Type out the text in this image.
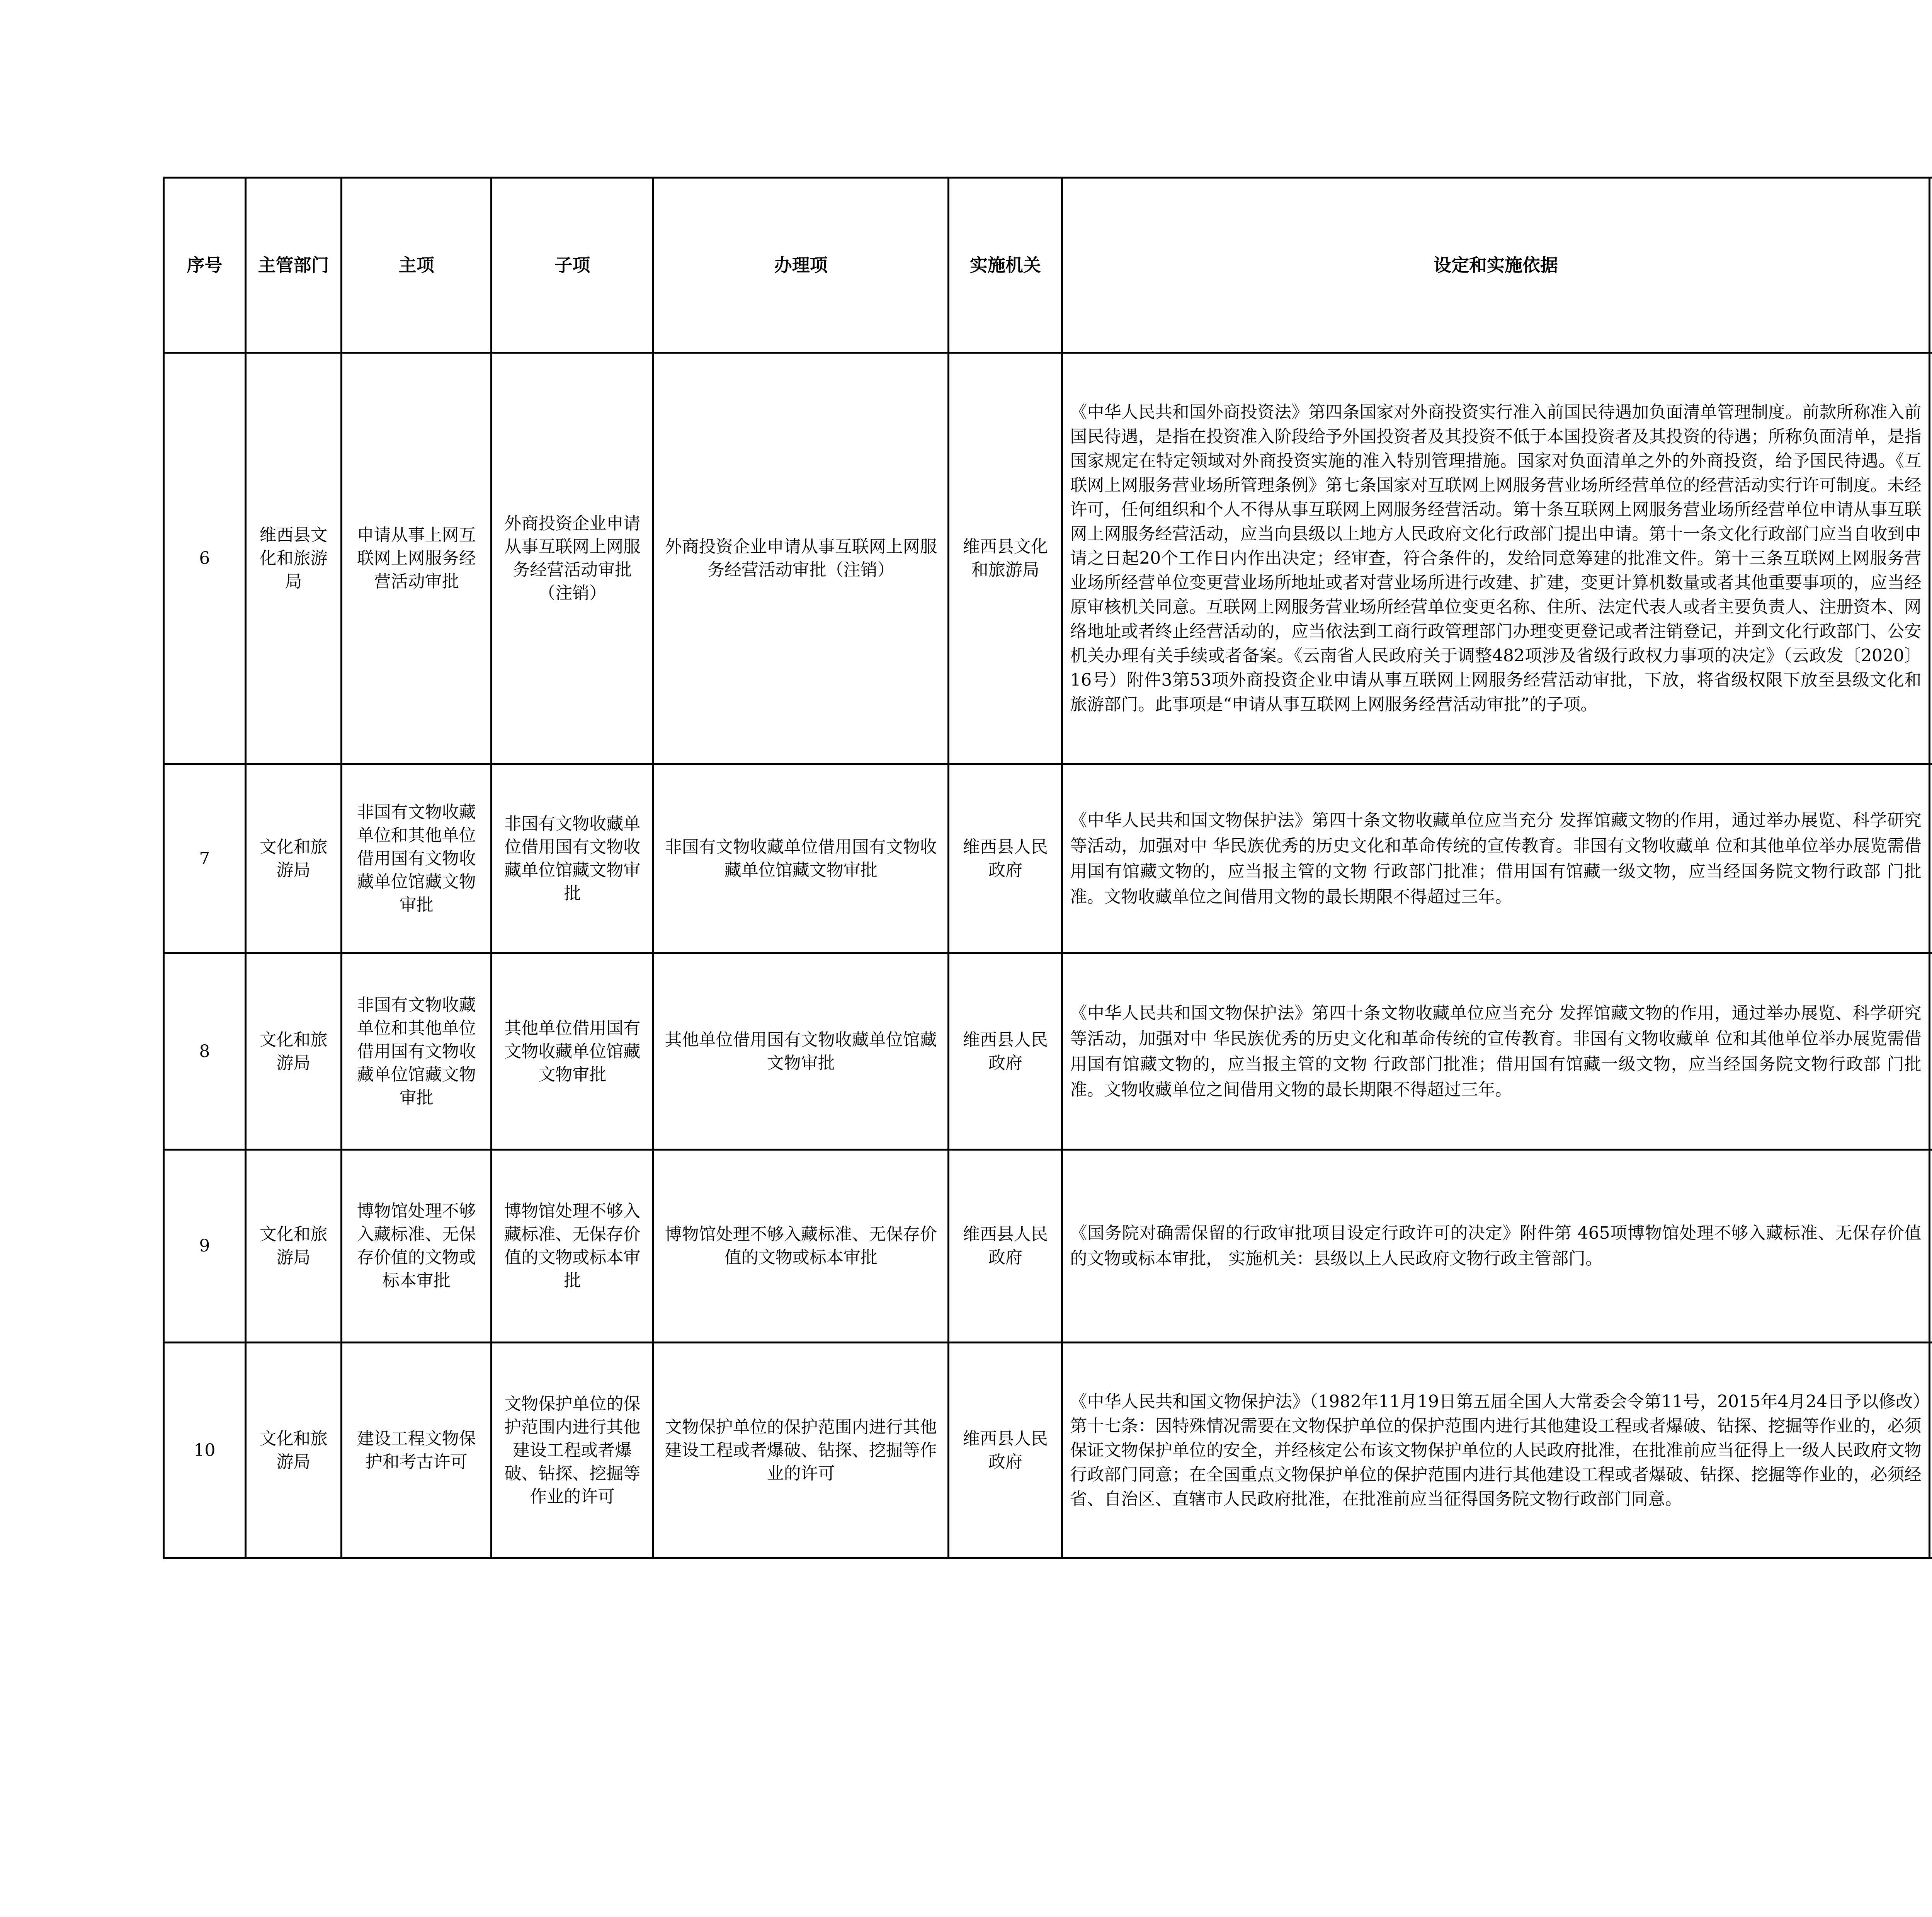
序号	主管部门	主项	子项	办理项	实施机关	设定和实施依据

6	维西县文化和旅游局	申请从事上网互联网上网服务经营活动审批	外商投资企业申请从事互联网上网服务经营活动审批（注销）	外商投资企业申请从事互联网上网服务经营活动审批（注销）	维西县文化和旅游局	《中华人民共和国外商投资法》第四条国家对外商投资实行准入前国民待遇加负面清单管理制度。前款所称准入前国民待遇，是指在投资准入阶段给予外国投资者及其投资不低于本国投资者及其投资的待遇；所称负面清单，是指国家规定在特定领域对外商投资实施的准入特别管理措施。国家对负面清单之外的外商投资，给予国民待遇。《互联网上网服务营业场所管理条例》第七条国家对互联网上网服务营业场所经营单位的经营活动实行许可制度。未经许可，任何组织和个人不得从事互联网上网服务经营活动。第十条互联网上网服务营业场所经营单位申请从事互联网上网服务经营活动，应当向县级以上地方人民政府文化行政部门提出申请。第十一条文化行政部门应当自收到申请之日起20个工作日内作出决定；经审查，符合条件的，发给同意筹建的批准文件。第十三条互联网上网服务营业场所经营单位变更营业场所地址或者对营业场所进行改建、扩建，变更计算机数量或者其他重要事项的，应当经原审核机关同意。互联网上网服务营业场所经营单位变更名称、住所、法定代表人或者主要负责人、注册资本、网络地址或者终止经营活动的，应当依法到工商行政管理部门办理变更登记或者注销登记，并到文化行政部门、公安机关办理有关手续或者备案。《云南省人民政府关于调整482项涉及省级行政权力事项的决定》（云政发〔2020〕16号）附件3第53项外商投资企业申请从事互联网上网服务经营活动审批，下放，将省级权限下放至县级文化和旅游部门。此事项是“申请从事互联网上网服务经营活动审批”的子项。

7	文化和旅游局	非国有文物收藏单位和其他单位借用国有文物收藏单位馆藏文物审批	非国有文物收藏单位借用国有文物收藏单位馆藏文物审批	非国有文物收藏单位借用国有文物收藏单位馆藏文物审批	维西县人民政府	《中华人民共和国文物保护法》第四十条文物收藏单位应当充分 发挥馆藏文物的作用，通过举办展览、科学研究等活动，加强对中 华民族优秀的历史文化和革命传统的宣传教育。非国有文物收藏单 位和其他单位举办展览需借用国有馆藏文物的，应当报主管的文物 行政部门批准；借用国有馆藏一级文物，应当经国务院文物行政部 门批准。文物收藏单位之间借用文物的最长期限不得超过三年。

8	文化和旅游局	非国有文物收藏单位和其他单位借用国有文物收藏单位馆藏文物审批	其他单位借用国有文物收藏单位馆藏文物审批	其他单位借用国有文物收藏单位馆藏文物审批	维西县人民政府	《中华人民共和国文物保护法》第四十条文物收藏单位应当充分 发挥馆藏文物的作用，通过举办展览、科学研究等活动，加强对中 华民族优秀的历史文化和革命传统的宣传教育。非国有文物收藏单 位和其他单位举办展览需借用国有馆藏文物的，应当报主管的文物 行政部门批准；借用国有馆藏一级文物，应当经国务院文物行政部 门批准。文物收藏单位之间借用文物的最长期限不得超过三年。

9	文化和旅游局	博物馆处理不够入藏标准、无保存价值的文物或标本审批	博物馆处理不够入藏标准、无保存价值的文物或标本审批	博物馆处理不够入藏标准、无保存价值的文物或标本审批	维西县人民政府	《国务院对确需保留的行政审批项目设定行政许可的决定》附件第 465项博物馆处理不够入藏标准、无保存价值的文物或标本审批， 实施机关：县级以上人民政府文物行政主管部门。

10	文化和旅游局	建设工程文物保护和考古许可	文物保护单位的保护范围内进行其他建设工程或者爆破、钻探、挖掘等作业的许可	文物保护单位的保护范围内进行其他建设工程或者爆破、钻探、挖掘等作业的许可	维西县人民政府	《中华人民共和国文物保护法》（1982年11月19日第五届全国人大常委会令第11号，2015年4月24日予以修改）第十七条：因特殊情况需要在文物保护单位的保护范围内进行其他建设工程或者爆破、钻探、挖掘等作业的，必须保证文物保护单位的安全，并经核定公布该文物保护单位的人民政府批准，在批准前应当征得上一级人民政府文物行政部门同意；在全国重点文物保护单位的保护范围内进行其他建设工程或者爆破、钻探、挖掘等作业的，必须经省、自治区、直辖市人民政府批准，在批准前应当征得国务院文物行政部门同意。
